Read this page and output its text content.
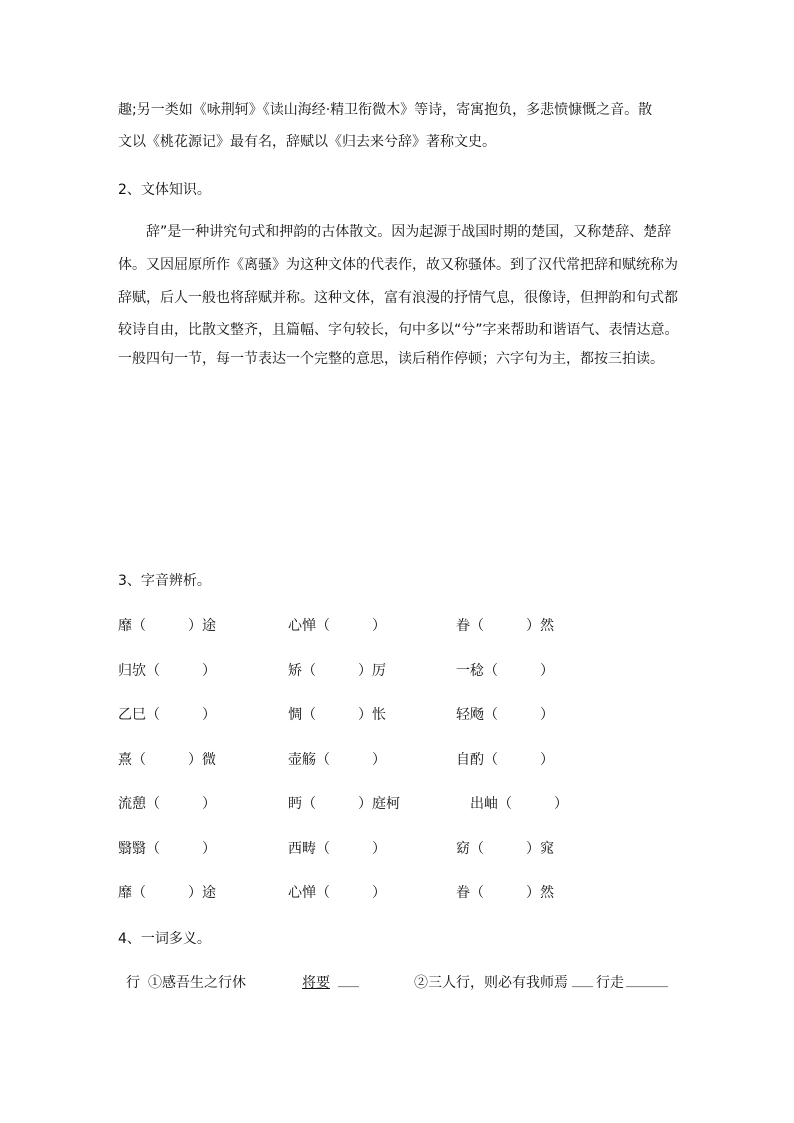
趣;另一类如《咏荆轲》《读山海经·精卫衔微木》等诗，寄寓抱负，多悲愤慷慨之音。散

文以《桃花源记》最有名，辞赋以《归去来兮辞》著称文史。

2、文体知识。

辞”是一种讲究句式和押韵的古体散文。因为起源于战国时期的楚国，又称楚辞、楚辞

体。又因屈原所作《离骚》为这种文体的代表作，故又称骚体。到了汉代常把辞和赋统称为

辞赋，后人一般也将辞赋并称。这种文体，富有浪漫的抒情气息，很像诗，但押韵和句式都

较诗自由，比散文整齐，且篇幅、字句较长，句中多以“兮”字来帮助和谐语气、表情达意。

一般四句一节，每一节表达一个完整的意思，读后稍作停顿；六字句为主，都按三拍读。

3、字音辨析。
靡（　　　）途	心惮（　　　）	眷（　　　）然
归欤（　　　）	矫（　　　）厉	一稔（　　　）
乙巳（　　　）	惆（　　　）怅	轻飏（　　　）
熹（　　　）微	壶觞（　　　）	自酌（　　　）
流憩（　　　）	眄（　　　）庭柯	出岫（　　　）
翳翳（　　　）	西畴（　　　）	窈（　　　）窕
靡（　　　）途	心惮（　　　）	眷（　　　）然
4、一词多义。
行 ①感吾生之行休	将要 ___	②三人行，则必有我师焉 ___ 行走 ______
